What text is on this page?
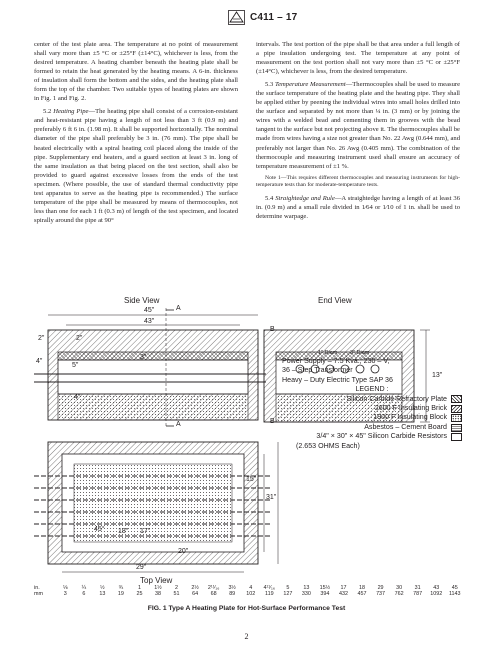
C411 – 17

center of the test plate area. The temperature at no point of measurement shall vary more than ±5 °C or ±25°F (±14°C), whichever is less, from the desired temperature. A heating chamber beneath the heating plate shall be formed to retain the heat generated by the heating means. A 6-in. thickness of insulation shall form the bottom and the sides, and the heating plate shall form the top of the chamber. Two suitable types of heating plates are shown in Fig. 1 and Fig. 2.

5.2 Heating Pipe—The heating pipe shall consist of a corrosion-resistant and heat-resistant pipe having a length of not less than 3 ft (0.9 m) and preferably 6 ft 6 in. (1.98 m). It shall be supported horizontally. The nominal diameter of the pipe shall preferably be 3 in. (76 mm). The pipe shall be heated electrically with a spiral heating coil placed along the inside of the pipe. Supplementary end heaters, and a guard section at least 3 in. long of the same insulation as that being placed on the test section, shall also be provided to guard against excessive losses from the ends of the test specimen. (Where possible, the use of standard thermal conductivity pipe test apparatus to serve as the heating pipe is recommended.) The surface temperature of the pipe shall be measured by means of thermocouples, not less than one for each 1 ft (0.3 m) of length of the test specimen, and located spirally around the pipe at 90°

intervals. The test portion of the pipe shall be that area under a full length of a pipe insulation undergoing test. The temperature at any point of measurement on the test portion shall not vary more than ±5 °C or ±25°F (±14°C), whichever is less, from the desired temperature.

5.3 Temperature Measurement—Thermocouples shall be used to measure the surface temperature of the heating plate and the heating pipe. They shall be applied either by peening the individual wires into small holes drilled into the surface and separated by not more than ¼ in. (3 mm) or by joining the wires with a welded bead and cementing them in grooves with the bead tangent to the surface but not projecting above it. The thermocouples shall be made from wires having a size not greater than No. 22 Awg (0.644 mm), and preferably not larger than No. 26 Awg (0.405 mm). The combination of the thermocouple and measuring instrument used shall ensure an accuracy of temperature measurement of ±1 %.

Note 1—This requires different thermocouples and measuring instruments for high-temperature tests than for moderate-temperature tests.

5.4 Straightedge and Rule—A straightedge having a length of at least 36 in. (0.9 m) and a small rule divided in 1⁄64 or 1⁄10 of 1 in. shall be used to determine warpage.

Side View	End View
Top View
45"
43"
2"	2"
5"
3"
4"
4"
13"
31"
29"
20"
18" 17"
15"
45°
1" Diam 3" Diam
A
A
B
B
Power Supply – 7.5 Kva., 230 – V,
36 – Step Transformer
Heavy – Duty Electric Type SAP 36
LEGEND :
Silicon Carbide Refractory Plate
2600 F Insulating Brick
1900 F Insulating Block
Asbestos – Cement Board
3/4" × 30" × 45" Silicon Carbide Resistors
(2.653 OHMS Each)
in.	⅛	¼	½	¾	1	1½	2	2½	2¹¹⁄₁₆	3½	4	4¹¹⁄₁₆	5	13	15½	17	18	29	30	31	43	45
mm	3	6	13	19	25	38	51	64	68	89	102	119	127	330	394	432	457	737	762	787	1092	1143
FIG. 1 Type A Heating Plate for Hot-Surface Performance Test
2
